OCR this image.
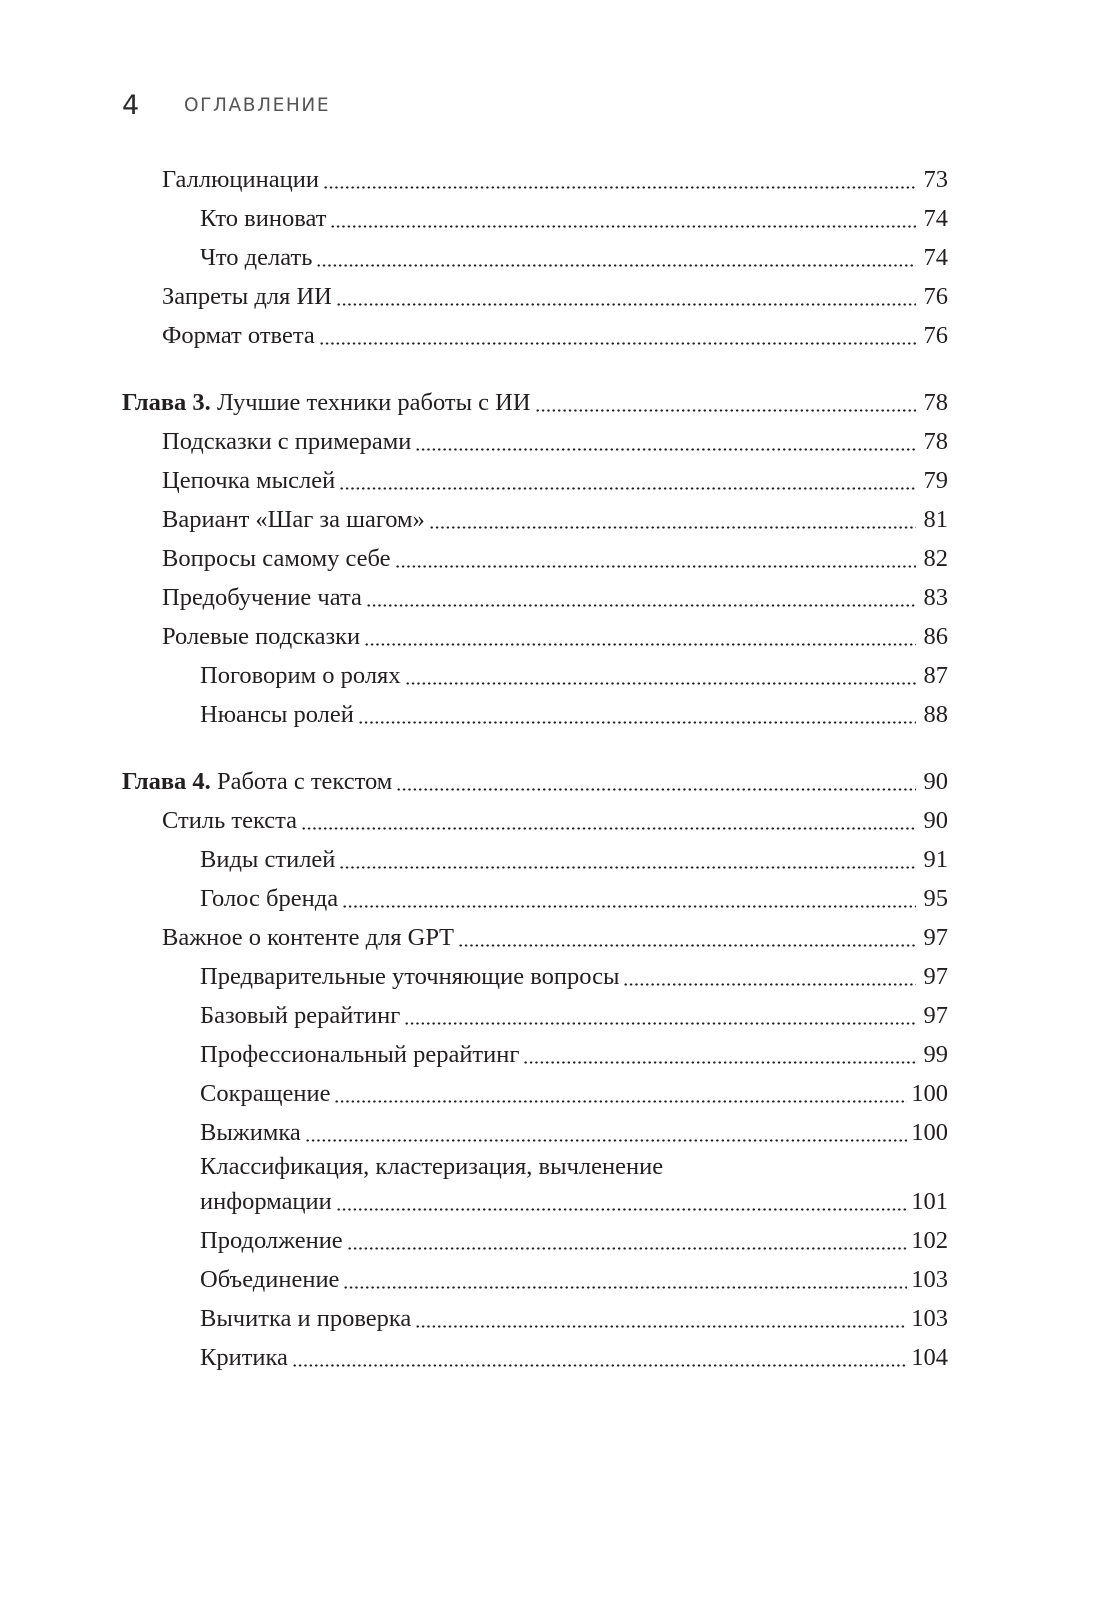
4	ОГЛАВЛЕНИЕ
Галлюцинации	73
Кто виноват	74
Что делать	74
Запреты для ИИ	76
Формат ответа	76
Глава 3. Лучшие техники работы с ИИ	78
Подсказки с примерами	78
Цепочка мыслей	79
Вариант «Шаг за шагом»	81
Вопросы самому себе	82
Предобучение чата	83
Ролевые подсказки	86
Поговорим о ролях	87
Нюансы ролей	88
Глава 4. Работа с текстом	90
Стиль текста	90
Виды стилей	91
Голос бренда	95
Важное о контенте для GPT	97
Предварительные уточняющие вопросы	97
Базовый рерайтинг	97
Профессиональный рерайтинг	99
Сокращение	100
Выжимка	100
Классификация, кластеризация, вычленение
информации	101
Продолжение	102
Объединение	103
Вычитка и проверка	103
Критика	104
